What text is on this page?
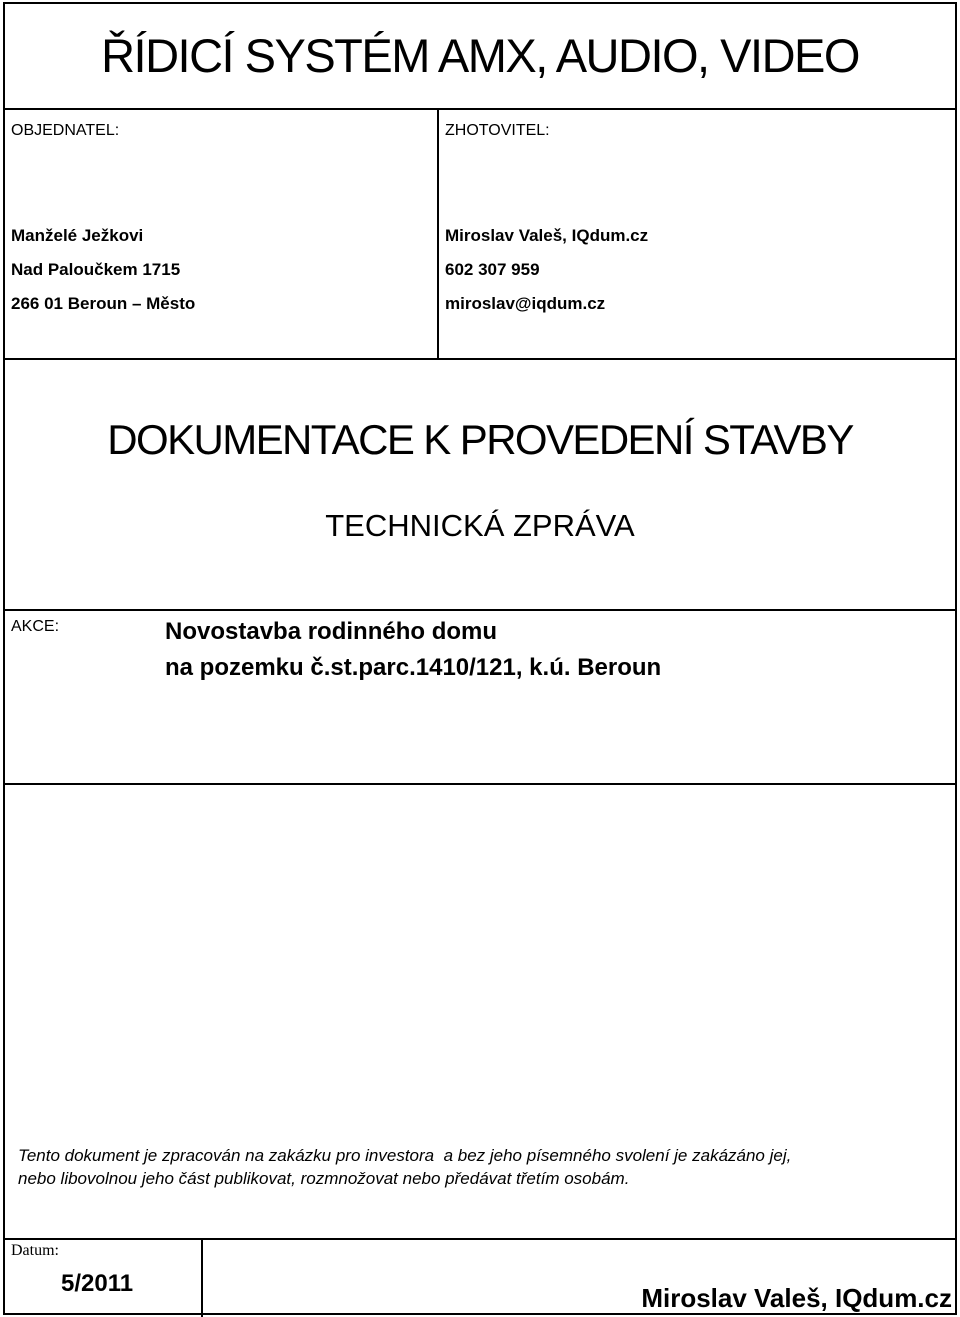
ŘÍDICÍ SYSTÉM AMX, AUDIO, VIDEO
OBJEDNATEL:	ZHOTOVITEL:
Manželé Ježkovi
Nad Paloučkem 1715
266 01 Beroun – Město
Miroslav Valeš, IQdum.cz
602 307 959
miroslav@iqdum.cz
DOKUMENTACE K PROVEDENÍ STAVBY
TECHNICKÁ ZPRÁVA
AKCE:	Novostavba rodinného domu
na pozemku č.st.parc.1410/121, k.ú. Beroun
Tento dokument je zpracován na zakázku pro investora  a bez jeho písemného svolení je zakázáno jej,
nebo libovolnou jeho část publikovat, rozmnožovat nebo předávat třetím osobám.
Datum:
5/2011	Miroslav Valeš, IQdum.cz
